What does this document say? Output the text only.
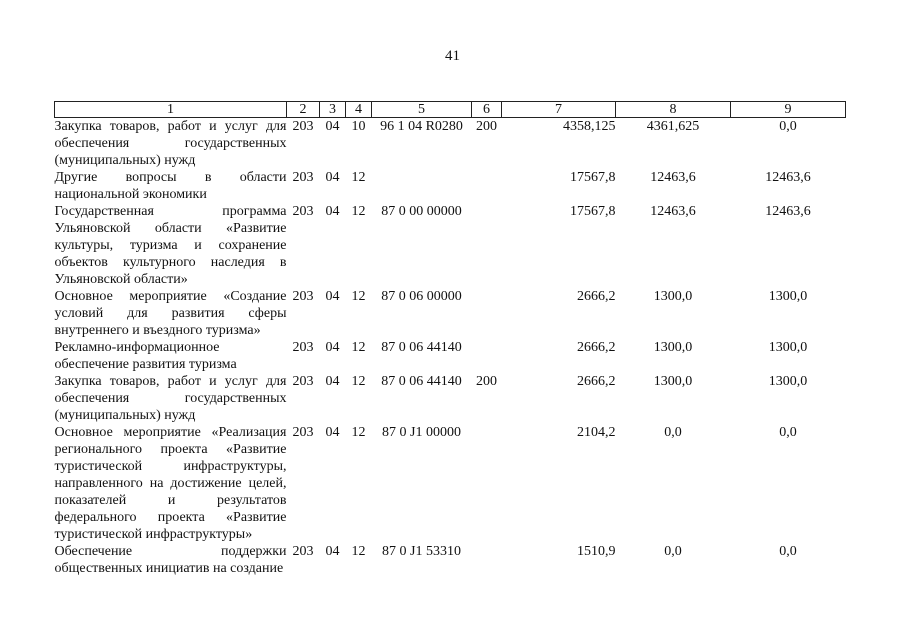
41
1	2	3	4	5	6	7	8	9
Закупка товаров, работ и услуг для обеспечения государственных (муниципальных) нужд	203	04	10	96 1 04 R0280	200	4358,125	4361,625	0,0
Другие вопросы в области национальной экономики	203	04	12			17567,8	12463,6	12463,6
Государственная программа Ульяновской области «Развитие культуры, туризма и сохранение объектов культурного наследия в Ульяновской области»	203	04	12	87 0 00 00000		17567,8	12463,6	12463,6
Основное мероприятие «Создание условий для развития сферы внутреннего и въездного туризма»	203	04	12	87 0 06 00000		2666,2	1300,0	1300,0
Рекламно-информационное обеспечение развития туризма	203	04	12	87 0 06 44140		2666,2	1300,0	1300,0
Закупка товаров, работ и услуг для обеспечения государственных (муниципальных) нужд	203	04	12	87 0 06 44140	200	2666,2	1300,0	1300,0
Основное мероприятие «Реализация регионального проекта «Развитие туристической инфраструктуры, направленного на достижение целей, показателей и результатов федерального проекта «Развитие туристической инфраструктуры»	203	04	12	87 0 J1 00000		2104,2	0,0	0,0
Обеспечение поддержки общественных инициатив на создание	203	04	12	87 0 J1 53310		1510,9	0,0	0,0
